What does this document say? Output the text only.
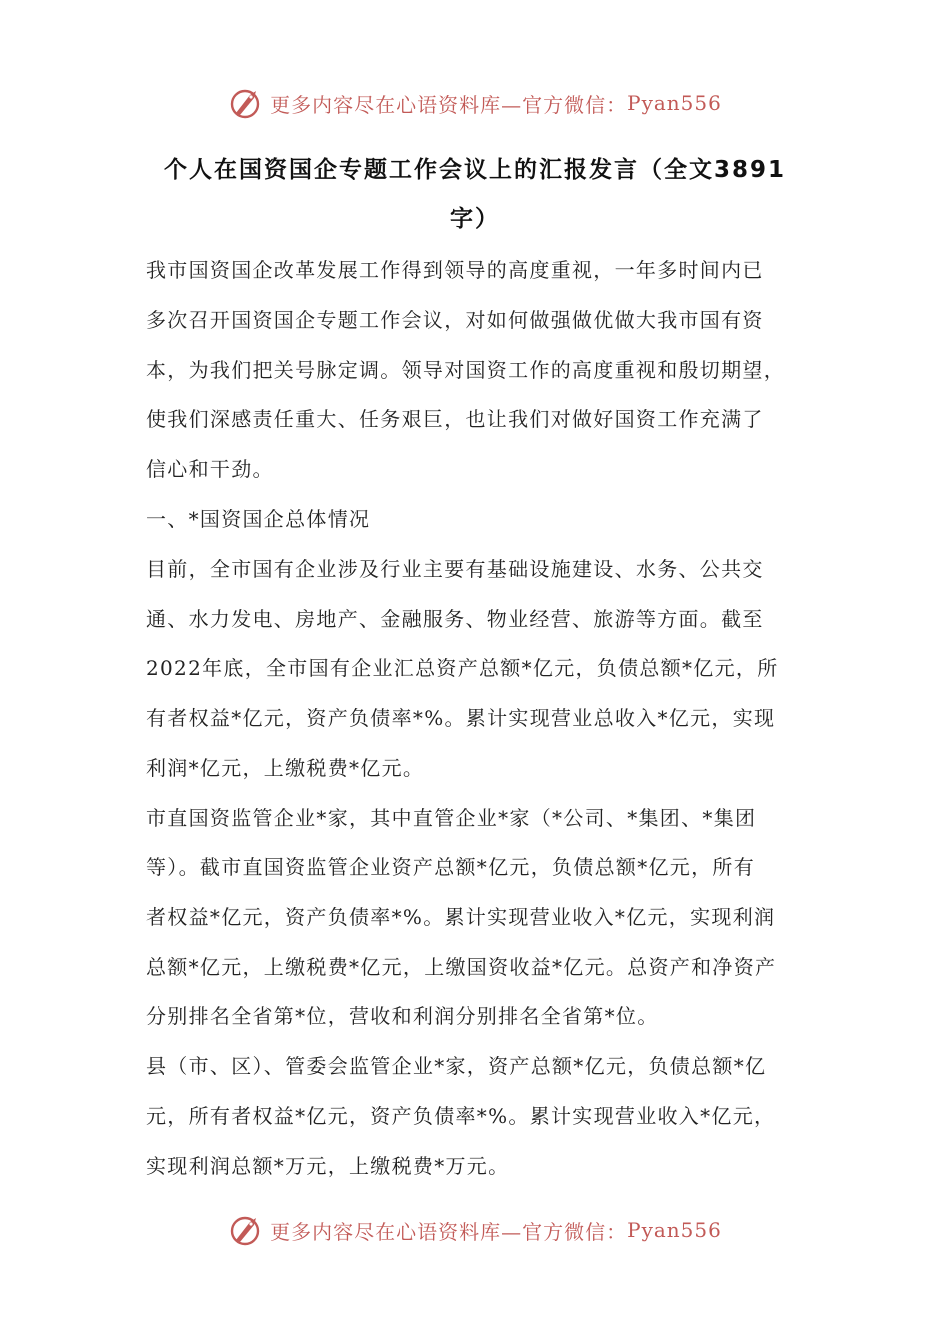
更多内容尽在心语资料库—官方微信： Pyan556
个人在国资国企专题工作会议上的汇报发言（全文3891
字）
我市国资国企改革发展工作得到领导的高度重视，一年多时间内已
多次召开国资国企专题工作会议，对如何做强做优做大我市国有资
本，为我们把关号脉定调。领导对国资工作的高度重视和殷切期望，
使我们深感责任重大、任务艰巨，也让我们对做好国资工作充满了
信心和干劲。
一、*国资国企总体情况
目前，全市国有企业涉及行业主要有基础设施建设、水务、公共交
通、水力发电、房地产、金融服务、物业经营、旅游等方面。截至
2022年底，全市国有企业汇总资产总额*亿元，负债总额*亿元，所
有者权益*亿元，资产负债率*%。累计实现营业总收入*亿元，实现
利润*亿元，上缴税费*亿元。
市直国资监管企业*家，其中直管企业*家（*公司、*集团、*集团
等）。截市直国资监管企业资产总额*亿元，负债总额*亿元，所有
者权益*亿元，资产负债率*%。累计实现营业收入*亿元，实现利润
总额*亿元，上缴税费*亿元，上缴国资收益*亿元。总资产和净资产
分别排名全省第*位，营收和利润分别排名全省第*位。
县（市、区）、管委会监管企业*家，资产总额*亿元，负债总额*亿
元，所有者权益*亿元，资产负债率*%。累计实现营业收入*亿元，
实现利润总额*万元，上缴税费*万元。
更多内容尽在心语资料库—官方微信： Pyan556
